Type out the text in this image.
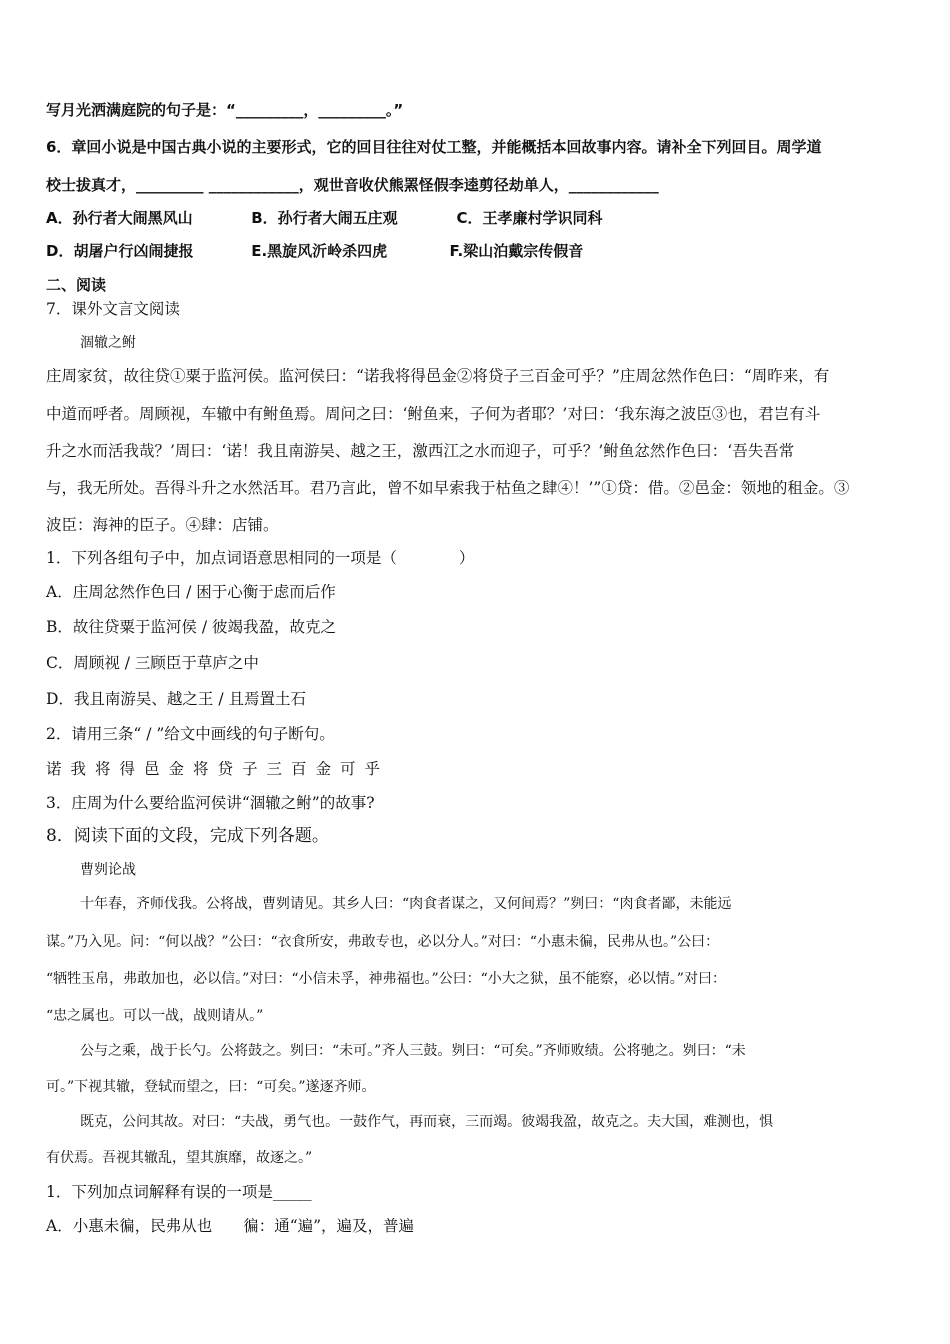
写月光洒满庭院的句子是：“_________，_________。”
6．章回小说是中国古典小说的主要形式，它的回目往往对仗工整，并能概括本回故事内容。请补全下列回目。周学道
校士拔真才，_________ ____________，观世音收伏熊罴怪假李逵剪径劫单人，____________
A．孙行者大闹黑风山	B．孙行者大闹五庄观	C．王孝廉村学识同科
D．胡屠户行凶闹捷报	E.黑旋风沂岭杀四虎	F.梁山泊戴宗传假音
二、阅读
7．课外文言文阅读
涸辙之鲋
庄周家贫，故往贷①粟于监河侯。监河侯曰：“诺我将得邑金②将贷子三百金可乎？”庄周忿然作色曰：“周昨来，有
中道而呼者。周顾视，车辙中有鲋鱼焉。周问之曰：‘鲋鱼来，子何为者耶？’对曰：‘我东海之波臣③也，君岂有斗
升之水而活我哉？’周曰：‘诺！我且南游吴、越之王，激西江之水而迎子，可乎？’鲋鱼忿然作色曰：‘吾失吾常
与，我无所处。吾得斗升之水然活耳。君乃言此，曾不如早索我于枯鱼之肆④！’”①贷：借。②邑金：领地的租金。③
波臣：海神的臣子。④肆：店铺。
1．下列各组句子中，加点词语意思相同的一项是（　　　　）
A．庄周忿然作色曰 / 困于心衡于虑而后作
B．故往贷粟于监河侯 / 彼竭我盈，故克之
C．周顾视 / 三顾臣于草庐之中
D．我且南游吴、越之王 / 且焉置土石
2．请用三条“ / ”给文中画线的句子断句。
诺我将得邑金将贷子三百金可乎
3．庄周为什么要给监河侯讲“涸辙之鲋”的故事?
8．阅读下面的文段，完成下列各题。
曹刿论战
十年春，齐师伐我。公将战，曹刿请见。其乡人曰：“肉食者谋之，又何间焉？”刿曰：“肉食者鄙，未能远
谋。”乃入见。问：“何以战？”公曰：“衣食所安，弗敢专也，必以分人。”对曰：“小惠未徧，民弗从也。”公曰：
“牺牲玉帛，弗敢加也，必以信。”对曰：“小信未孚，神弗福也。”公曰：“小大之狱，虽不能察，必以情。”对曰：
“忠之属也。可以一战，战则请从。”
公与之乘，战于长勺。公将鼓之。刿曰：“未可。”齐人三鼓。刿曰：“可矣。”齐师败绩。公将驰之。刿曰：“未
可。”下视其辙，登轼而望之，曰：“可矣。”遂逐齐师。
既克，公问其故。对曰：“夫战，勇气也。一鼓作气，再而衰，三而竭。彼竭我盈，故克之。夫大国，难测也，惧
有伏焉。吾视其辙乱，望其旗靡，故逐之。”
1．下列加点词解释有误的一项是_____
A．小惠未徧，民弗从也　　徧：通“遍”，遍及，普遍
